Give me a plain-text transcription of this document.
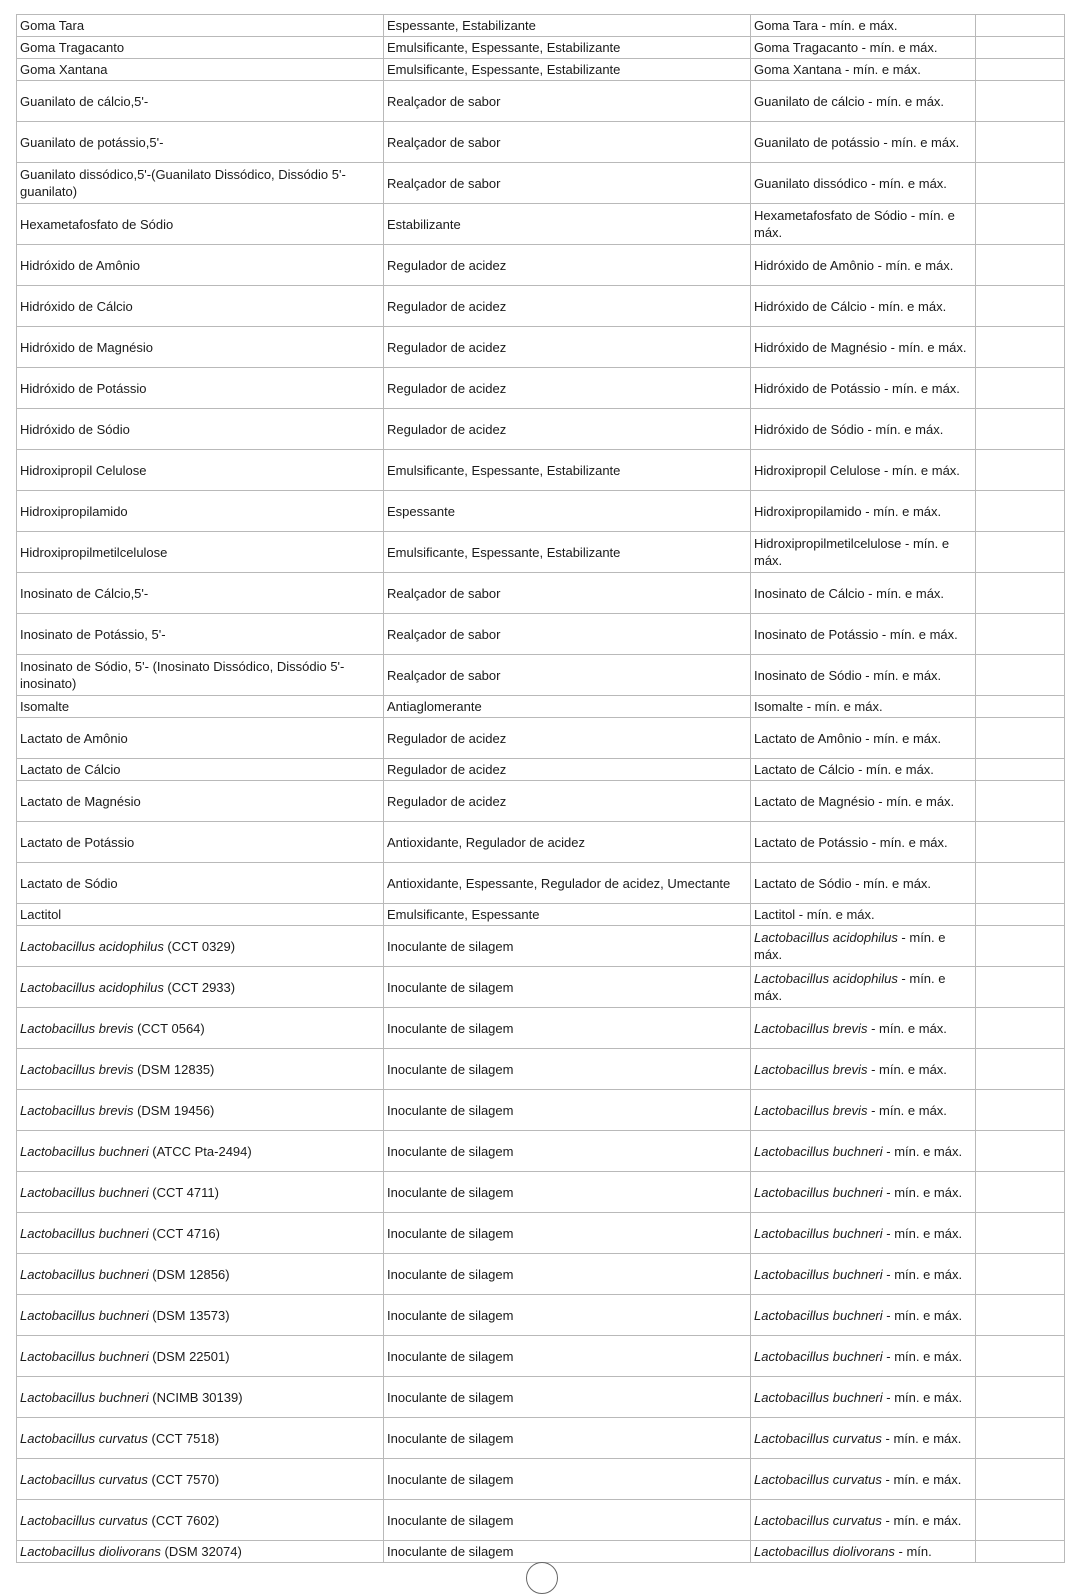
Goma Tara	Espessante, Estabilizante	Goma Tara - mín. e máx.	
Goma Tragacanto	Emulsificante, Espessante, Estabilizante	Goma Tragacanto - mín. e máx.	
Goma Xantana	Emulsificante, Espessante, Estabilizante	Goma Xantana - mín. e máx.	
Guanilato de cálcio,5'-	Realçador de sabor	Guanilato de cálcio - mín. e máx.	
Guanilato de potássio,5'-	Realçador de sabor	Guanilato de potássio - mín. e máx.	
Guanilato dissódico,5'-(Guanilato Dissódico, Dissódio 5'-guanilato)	Realçador de sabor	Guanilato dissódico - mín. e máx.	
Hexametafosfato de Sódio	Estabilizante	Hexametafosfato de Sódio - mín. e máx.	
Hidróxido de Amônio	Regulador de acidez	Hidróxido de Amônio - mín. e máx.	
Hidróxido de Cálcio	Regulador de acidez	Hidróxido de Cálcio - mín. e máx.	
Hidróxido de Magnésio	Regulador de acidez	Hidróxido de Magnésio - mín. e máx.	
Hidróxido de Potássio	Regulador de acidez	Hidróxido de Potássio - mín. e máx.	
Hidróxido de Sódio	Regulador de acidez	Hidróxido de Sódio - mín. e máx.	
Hidroxipropil Celulose	Emulsificante, Espessante, Estabilizante	Hidroxipropil Celulose - mín. e máx.	
Hidroxipropilamido	Espessante	Hidroxipropilamido - mín. e máx.	
Hidroxipropilmetilcelulose	Emulsificante, Espessante, Estabilizante	Hidroxipropilmetilcelulose - mín. e máx.	
Inosinato de Cálcio,5'-	Realçador de sabor	Inosinato de Cálcio - mín. e máx.	
Inosinato de Potássio, 5'-	Realçador de sabor	Inosinato de Potássio - mín. e máx.	
Inosinato de Sódio, 5'- (Inosinato Dissódico, Dissódio 5'-inosinato)	Realçador de sabor	Inosinato de Sódio - mín. e máx.	
Isomalte	Antiaglomerante	Isomalte - mín. e máx.	
Lactato de Amônio	Regulador de acidez	Lactato de Amônio - mín. e máx.	
Lactato de Cálcio	Regulador de acidez	Lactato de Cálcio - mín. e máx.	
Lactato de Magnésio	Regulador de acidez	Lactato de Magnésio - mín. e máx.	
Lactato de Potássio	Antioxidante, Regulador de acidez	Lactato de Potássio - mín. e máx.	
Lactato de Sódio	Antioxidante, Espessante, Regulador de acidez, Umectante	Lactato de Sódio - mín. e máx.	
Lactitol	Emulsificante, Espessante	Lactitol - mín. e máx.	
Lactobacillus acidophilus (CCT 0329)	Inoculante de silagem	Lactobacillus acidophilus - mín. e máx.	
Lactobacillus acidophilus (CCT 2933)	Inoculante de silagem	Lactobacillus acidophilus - mín. e máx.	
Lactobacillus brevis (CCT 0564)	Inoculante de silagem	Lactobacillus brevis - mín. e máx.	
Lactobacillus brevis (DSM 12835)	Inoculante de silagem	Lactobacillus brevis - mín. e máx.	
Lactobacillus brevis (DSM 19456)	Inoculante de silagem	Lactobacillus brevis - mín. e máx.	
Lactobacillus buchneri (ATCC Pta-2494)	Inoculante de silagem	Lactobacillus buchneri - mín. e máx.	
Lactobacillus buchneri (CCT 4711)	Inoculante de silagem	Lactobacillus buchneri - mín. e máx.	
Lactobacillus buchneri (CCT 4716)	Inoculante de silagem	Lactobacillus buchneri - mín. e máx.	
Lactobacillus buchneri (DSM 12856)	Inoculante de silagem	Lactobacillus buchneri - mín. e máx.	
Lactobacillus buchneri (DSM 13573)	Inoculante de silagem	Lactobacillus buchneri - mín. e máx.	
Lactobacillus buchneri (DSM 22501)	Inoculante de silagem	Lactobacillus buchneri - mín. e máx.	
Lactobacillus buchneri (NCIMB 30139)	Inoculante de silagem	Lactobacillus buchneri - mín. e máx.	
Lactobacillus curvatus (CCT 7518)	Inoculante de silagem	Lactobacillus curvatus - mín. e máx.	
Lactobacillus curvatus (CCT 7570)	Inoculante de silagem	Lactobacillus curvatus - mín. e máx.	
Lactobacillus curvatus (CCT 7602)	Inoculante de silagem	Lactobacillus curvatus - mín. e máx.	
Lactobacillus diolivorans (DSM 32074)	Inoculante de silagem	Lactobacillus diolivorans - mín.	
